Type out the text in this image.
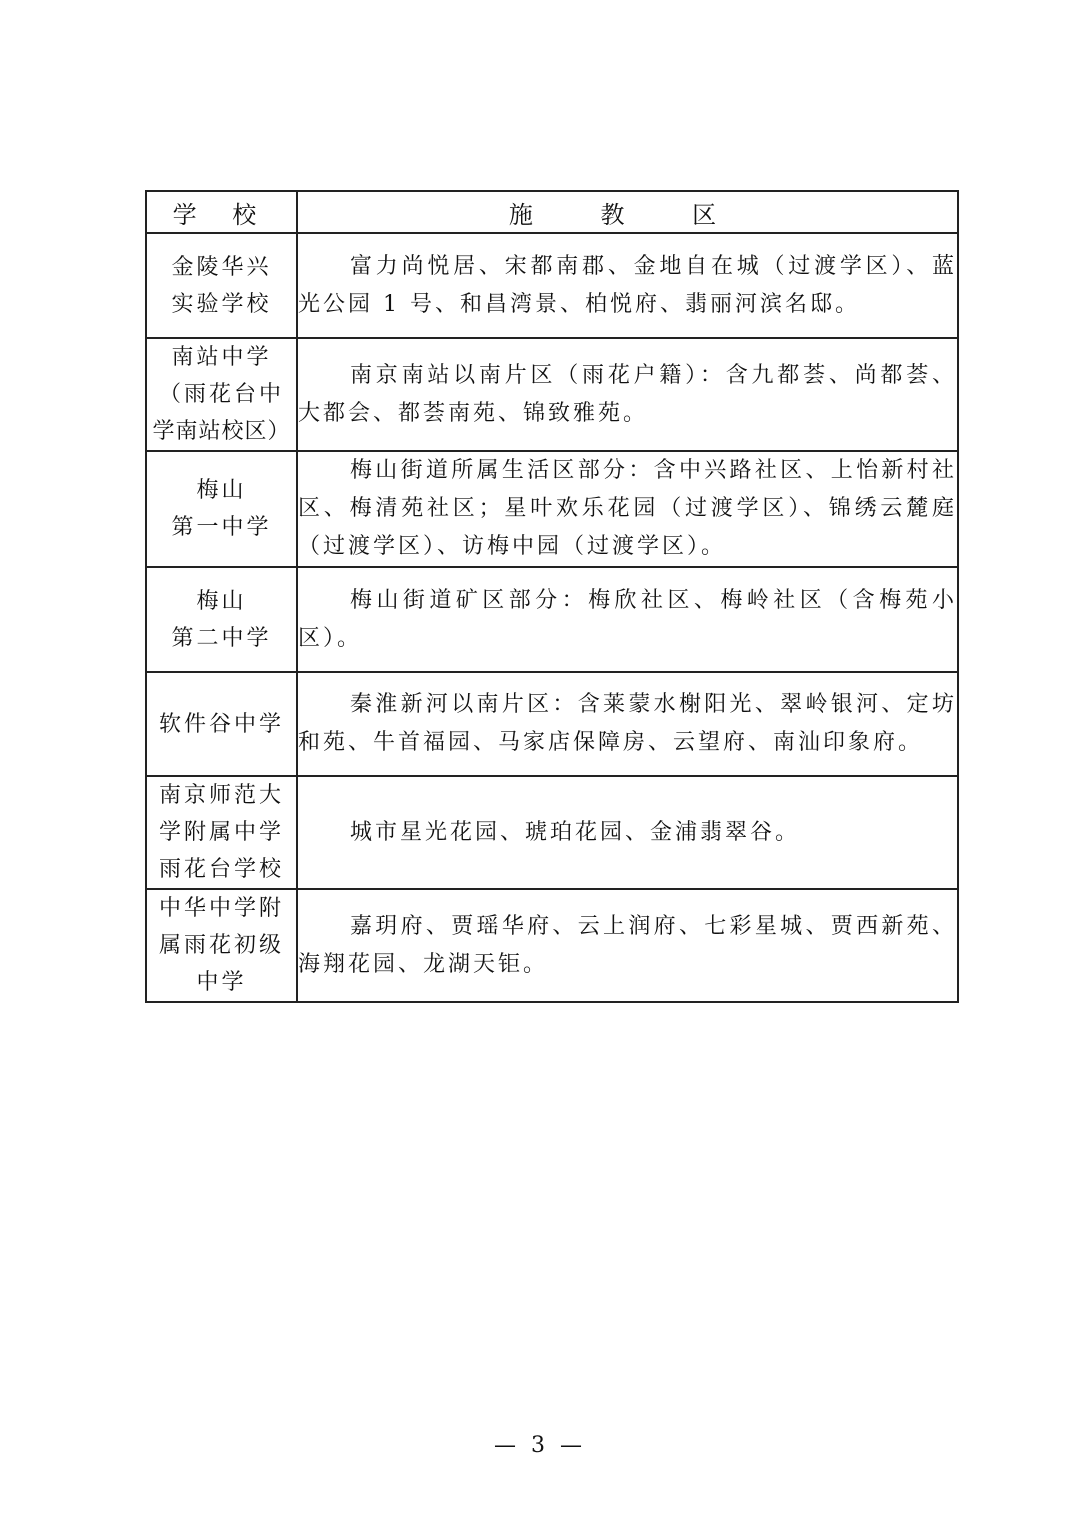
学 校	施 教 区

金陵华兴
实验学校	富力尚悦居、宋都南郡、金地自在城（过渡学区）、蓝光公园 1 号、和昌湾景、柏悦府、翡丽河滨名邸。

南站中学
（雨花台中
学南站校区）	南京南站以南片区（雨花户籍）：含九都荟、尚都荟、大都会、都荟南苑、锦致雅苑。

梅山
第一中学	梅山街道所属生活区部分：含中兴路社区、上怡新村社区、梅清苑社区；星叶欢乐花园（过渡学区）、锦绣云麓庭（过渡学区）、访梅中园（过渡学区）。

梅山
第二中学	梅山街道矿区部分：梅欣社区、梅岭社区（含梅苑小区）。

软件谷中学	秦淮新河以南片区：含莱蒙水榭阳光、翠岭银河、定坊和苑、牛首福园、马家店保障房、云望府、南汕印象府。

南京师范大
学附属中学
雨花台学校	城市星光花园、琥珀花园、金浦翡翠谷。

中华中学附
属雨花初级
中学	嘉玥府、贾瑶华府、云上润府、七彩星城、贾西新苑、海翔花园、龙湖天钜。
— 3 —
